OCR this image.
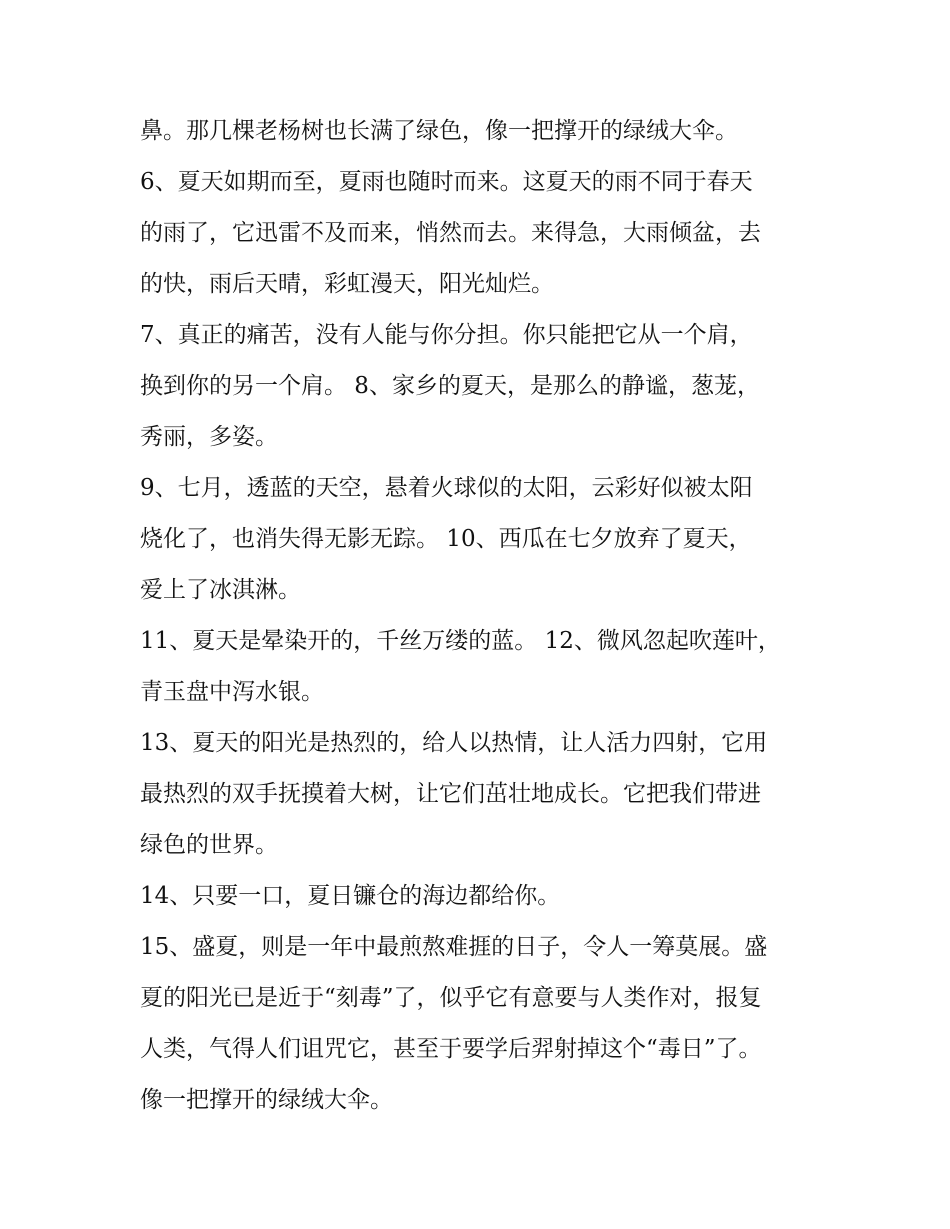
鼻。那几棵老杨树也长满了绿色，像一把撑开的绿绒大伞。
6、夏天如期而至，夏雨也随时而来。这夏天的雨不同于春天
的雨了，它迅雷不及而来，悄然而去。来得急，大雨倾盆，去
的快，雨后天晴，彩虹漫天，阳光灿烂。
7、真正的痛苦，没有人能与你分担。你只能把它从一个肩，
换到你的另一个肩。 8、家乡的夏天，是那么的静谧，葱茏，
秀丽，多姿。
9、七月，透蓝的天空，悬着火球似的太阳，云彩好似被太阳
烧化了，也消失得无影无踪。 10、西瓜在七夕放弃了夏天，
爱上了冰淇淋。
11、夏天是晕染开的，千丝万缕的蓝。 12、微风忽起吹莲叶，
青玉盘中泻水银。
13、夏天的阳光是热烈的，给人以热情，让人活力四射，它用
最热烈的双手抚摸着大树，让它们茁壮地成长。它把我们带进
绿色的世界。
14、只要一口，夏日镰仓的海边都给你。
15、盛夏，则是一年中最煎熬难捱的日子，令人一筹莫展。盛
夏的阳光已是近于“刻毒”了，似乎它有意要与人类作对，报复
人类，气得人们诅咒它，甚至于要学后羿射掉这个“毒日”了。
像一把撑开的绿绒大伞。
